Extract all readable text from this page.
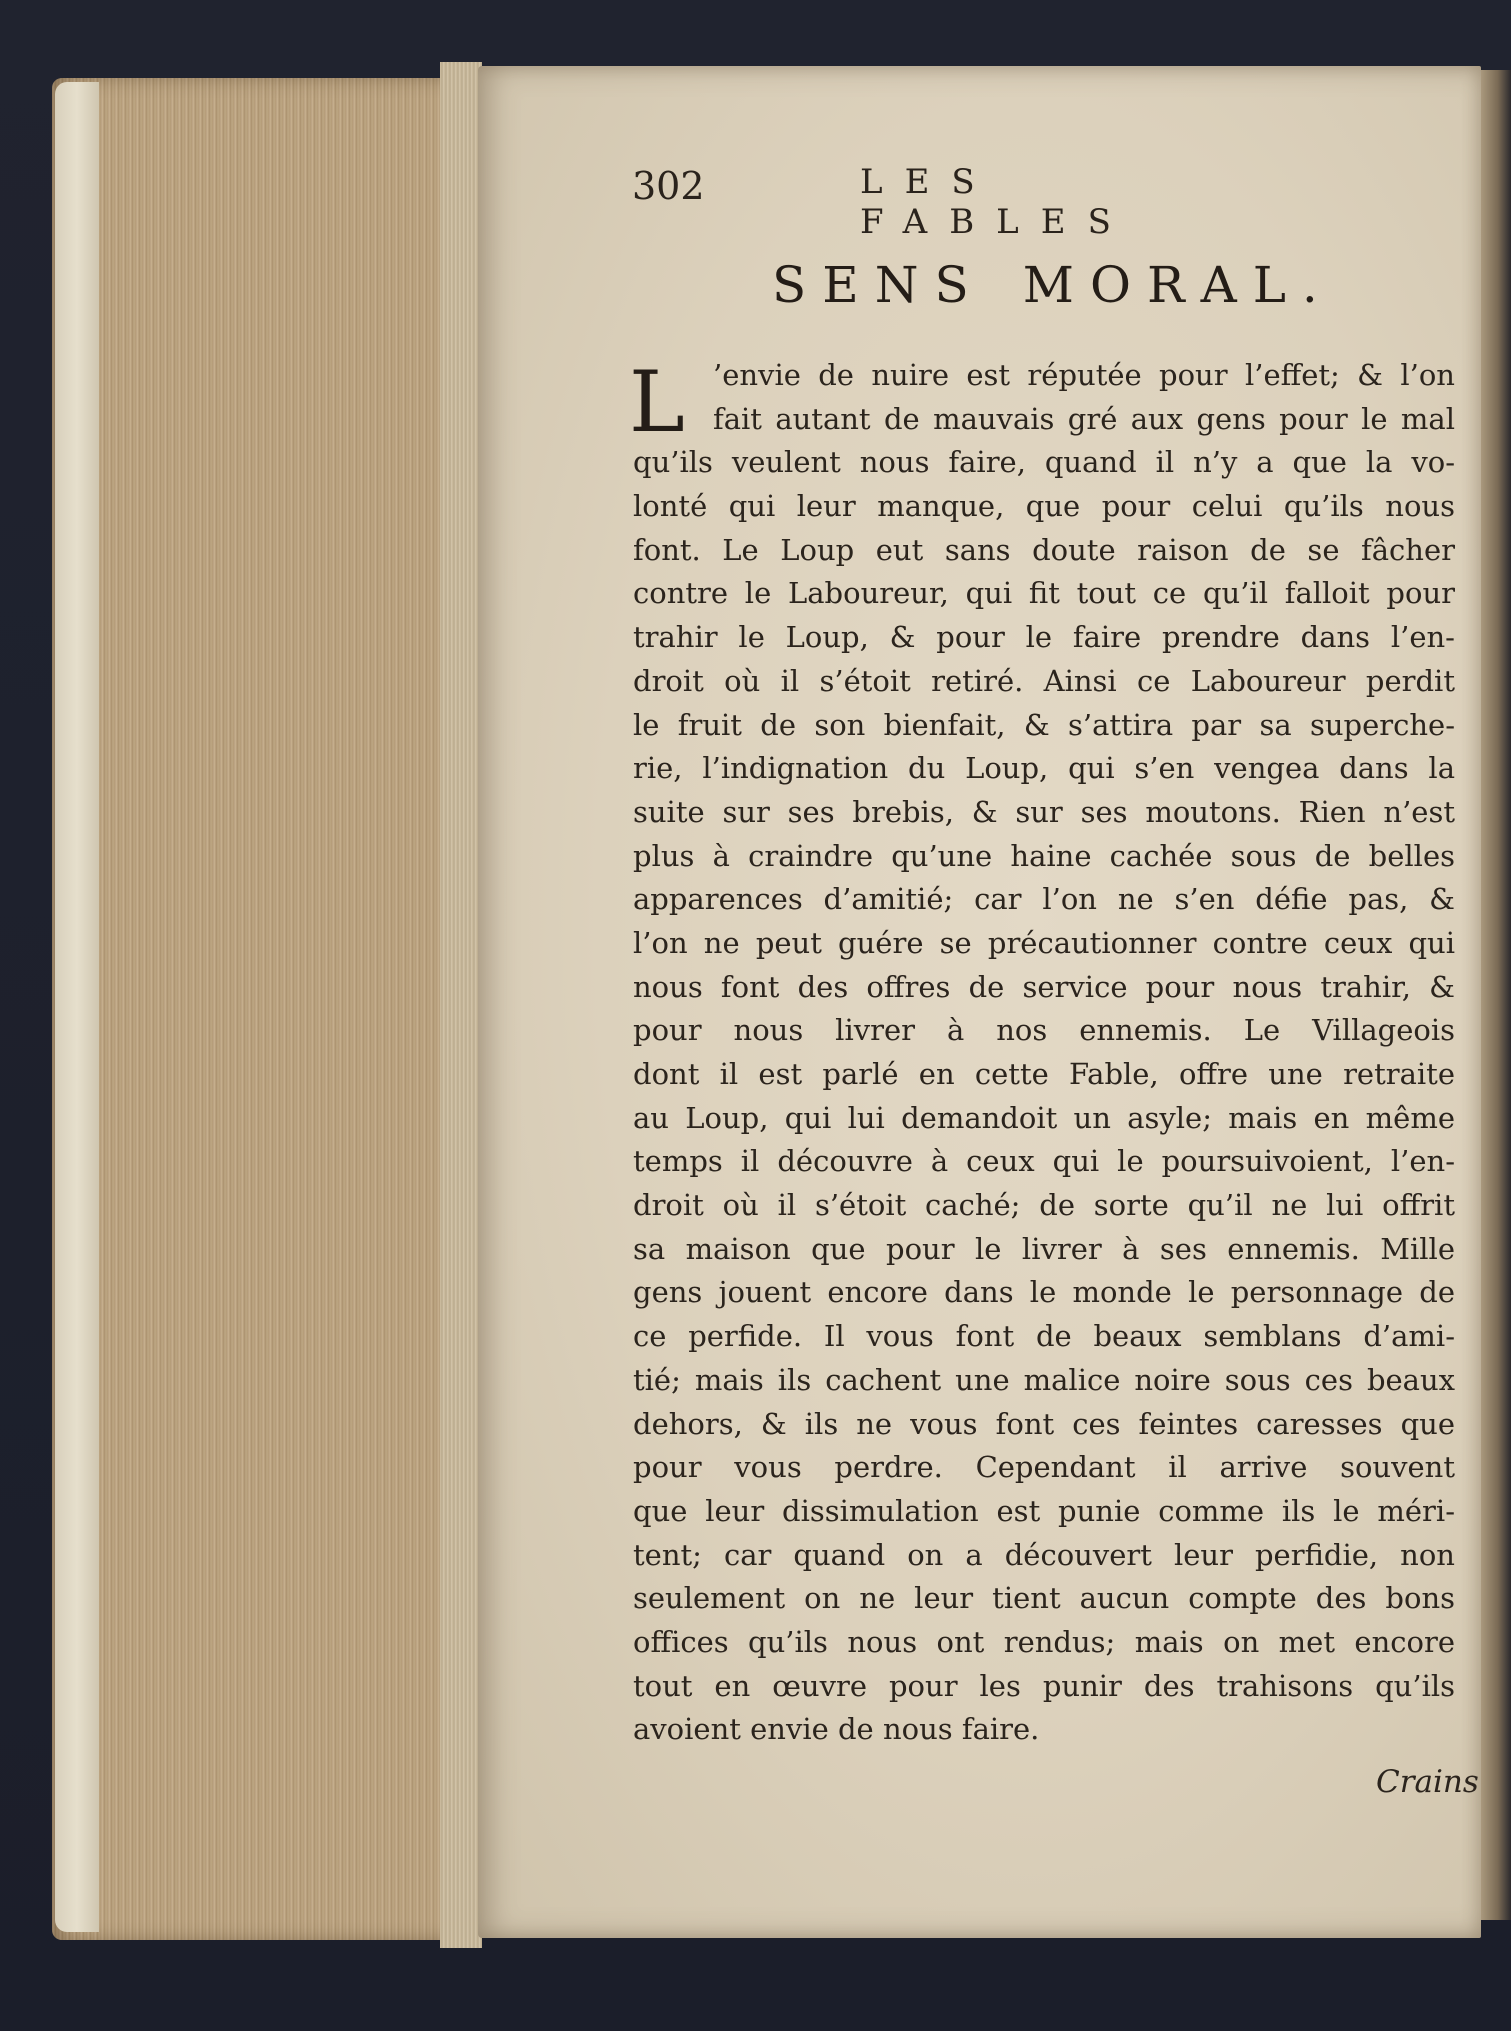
302	LES FABLES
SENS MORAL.
L ’envie de nuire est réputée pour l’effet; & l’on
fait autant de mauvais gré aux gens pour le mal
qu’ils veulent nous faire, quand il n’y a que la vo-
lonté qui leur manque, que pour celui qu’ils nous
font. Le Loup eut sans doute raison de se fâcher
contre le Laboureur, qui fit tout ce qu’il falloit pour
trahir le Loup, & pour le faire prendre dans l’en-
droit où il s’étoit retiré. Ainsi ce Laboureur perdit
le fruit de son bienfait, & s’attira par sa superche-
rie, l’indignation du Loup, qui s’en vengea dans la
suite sur ses brebis, & sur ses moutons. Rien n’est
plus à craindre qu’une haine cachée sous de belles
apparences d’amitié; car l’on ne s’en défie pas, &
l’on ne peut guére se précautionner contre ceux qui
nous font des offres de service pour nous trahir, &
pour nous livrer à nos ennemis. Le Villageois
dont il est parlé en cette Fable, offre une retraite
au Loup, qui lui demandoit un asyle; mais en même
temps il découvre à ceux qui le poursuivoient, l’en-
droit où il s’étoit caché; de sorte qu’il ne lui offrit
sa maison que pour le livrer à ses ennemis. Mille
gens jouent encore dans le monde le personnage de
ce perfide. Il vous font de beaux semblans d’ami-
tié; mais ils cachent une malice noire sous ces beaux
dehors, & ils ne vous font ces feintes caresses que
pour vous perdre. Cependant il arrive souvent
que leur dissimulation est punie comme ils le méri-
tent; car quand on a découvert leur perfidie, non
seulement on ne leur tient aucun compte des bons
offices qu’ils nous ont rendus; mais on met encore
tout en œuvre pour les punir des trahisons qu’ils
avoient envie de nous faire.
Crains
